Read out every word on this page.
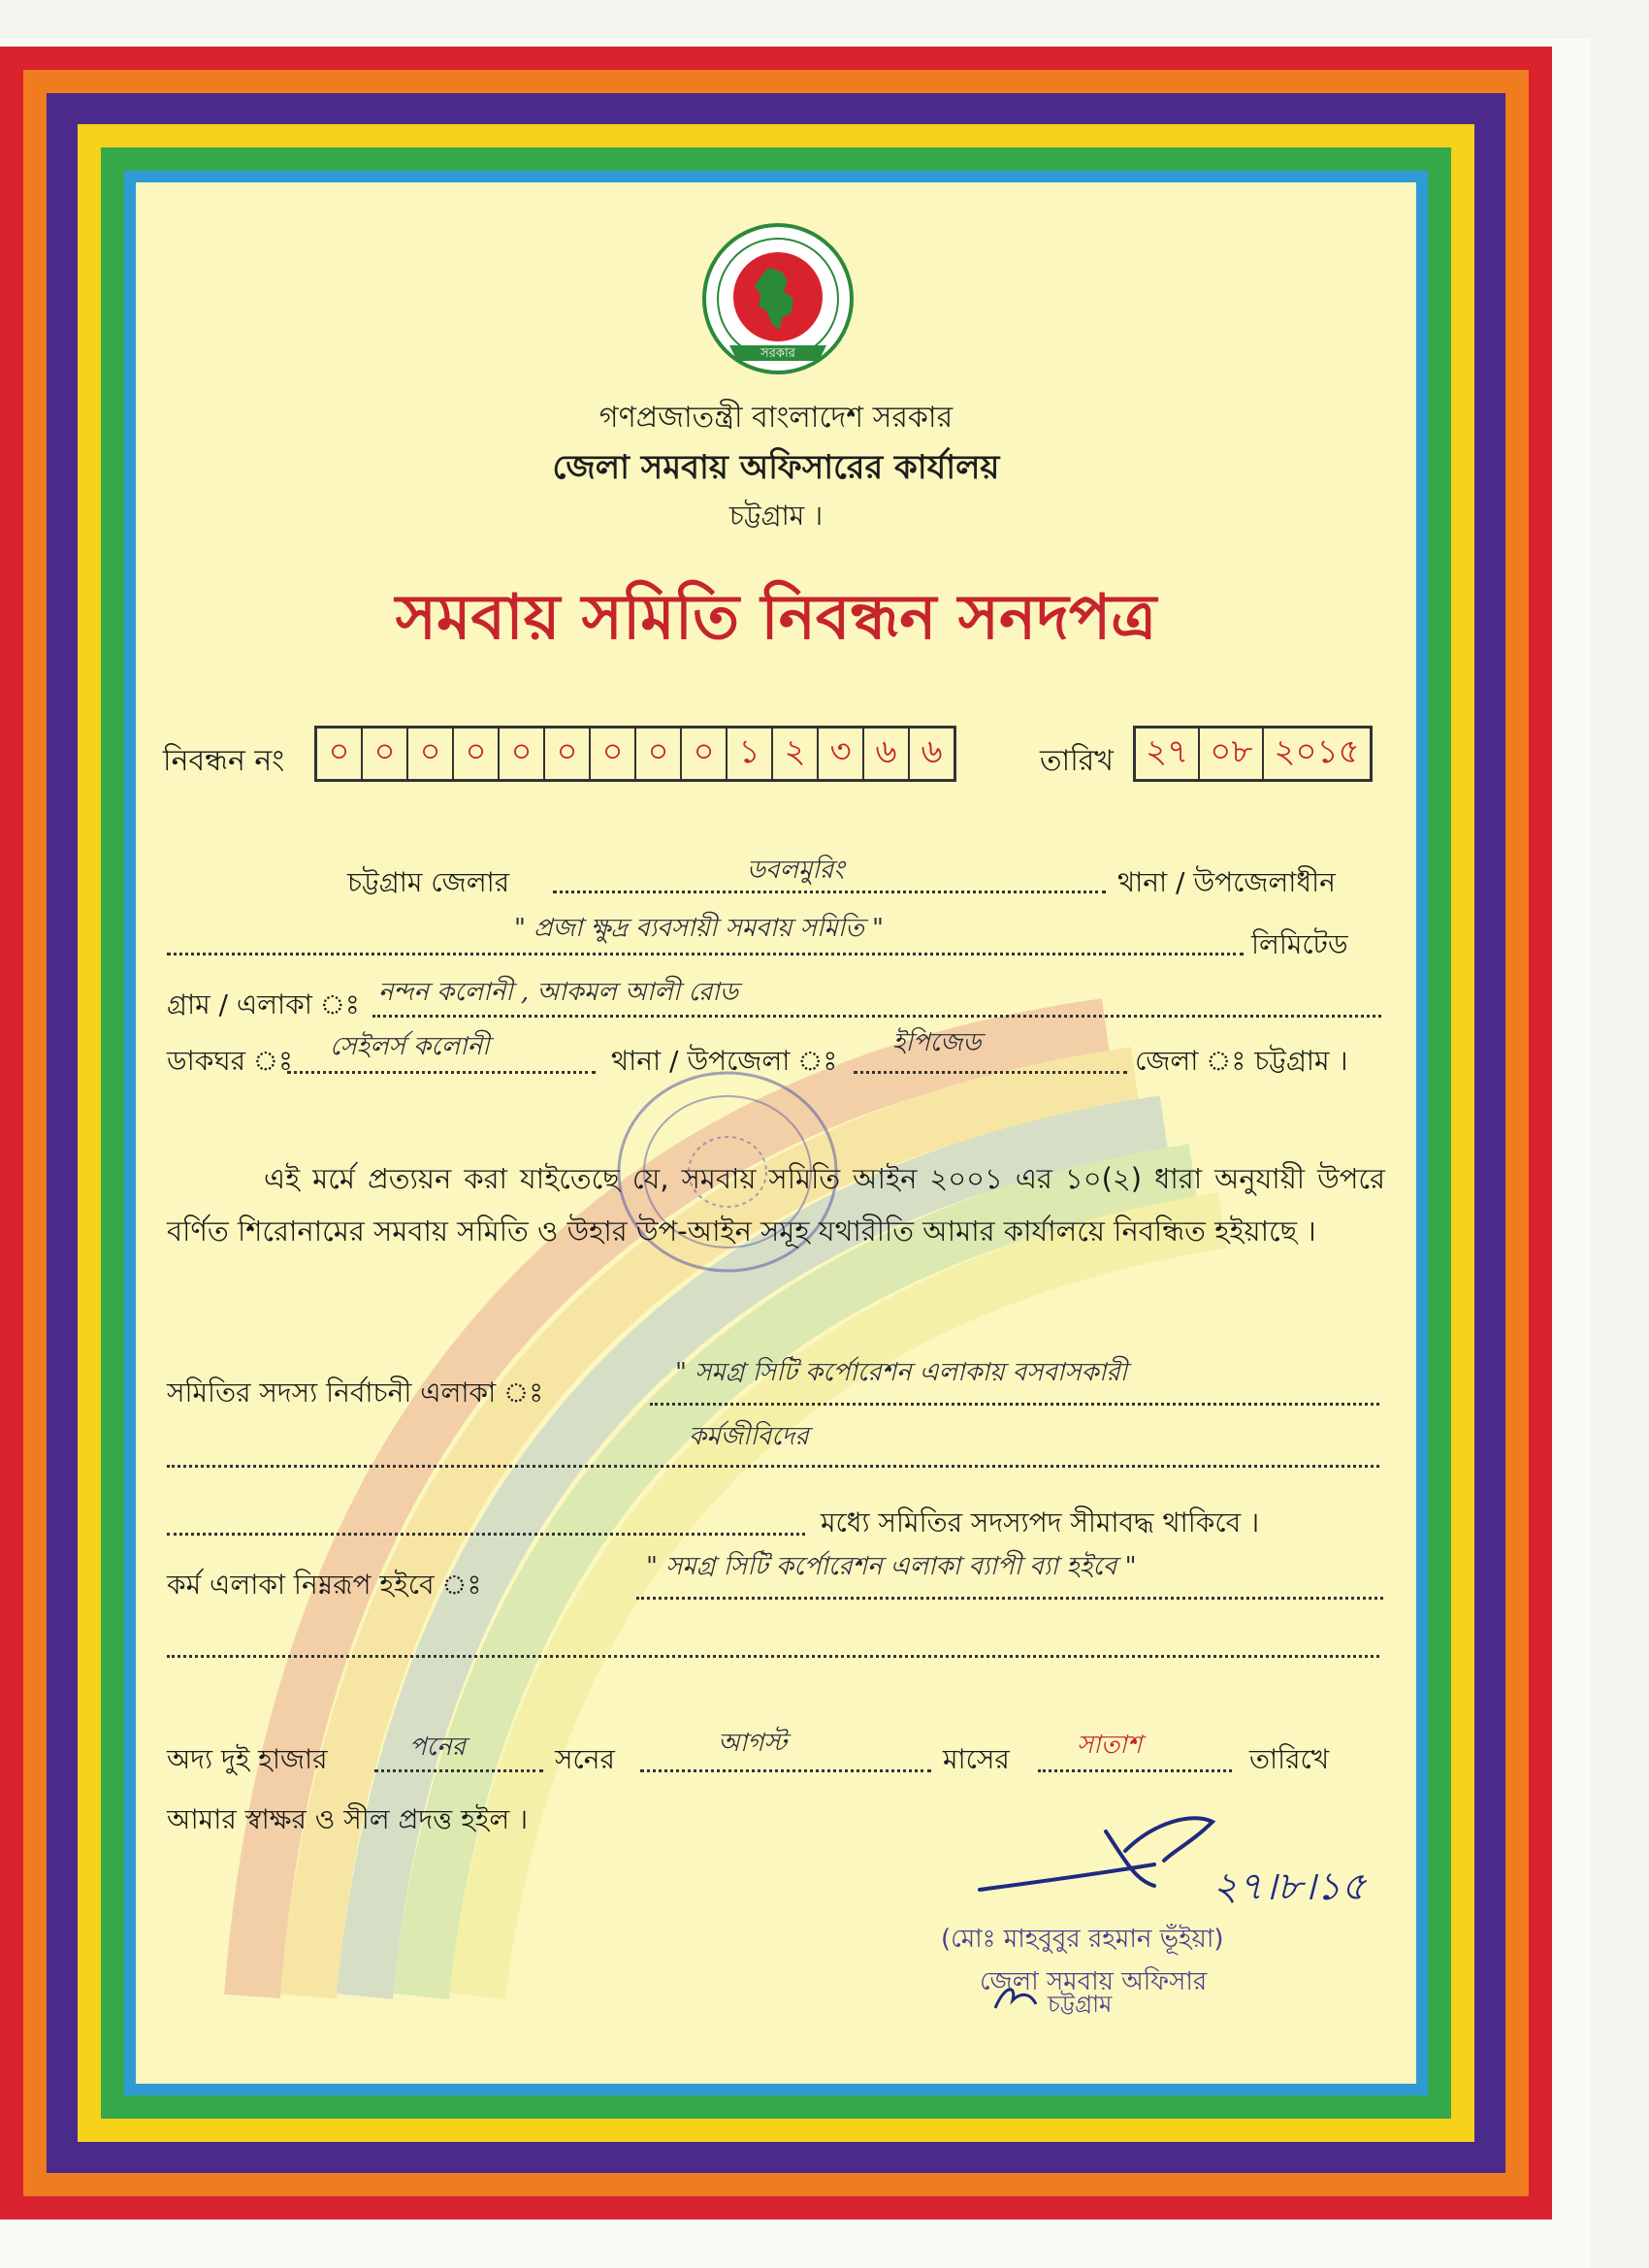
সরকার
গণপ্রজাতন্ত্রী বাংলাদেশ সরকার
জেলা সমবায় অফিসারের কার্যালয়
চট্টগ্রাম ।
সমবায় সমিতি নিবন্ধন সনদপত্র
নিবন্ধন নং	০ ০ ০ ০ ০ ০ ০ ০ ০ ১ ২ ৩ ৬ ৬	তারিখ ২৭ ০৮ ২০১৫
চট্টগ্রাম জেলার	ডবলমুরিং	থানা / উপজেলাধীন
" প্রজা ক্ষুদ্র ব্যবসায়ী সমবায় সমিতি "	লিমিটেড
গ্রাম / এলাকা ঃ নন্দন কলোনী , আকমল আলী রোড
ডাকঘর ঃ সেইলর্স কলোনী	থানা / উপজেলা ঃ
ইপিজেড
জেলা ঃ চট্টগ্রাম ।
এই মর্মে প্রত্যয়ন করা যাইতেছে যে, সমবায় সমিতি আইন ২০০১ এর ১০(২) ধারা অনুযায়ী উপরে বর্ণিত শিরোনামের সমবায় সমিতি ও উহার উপ-আইন সমূহ যথারীতি আমার কার্যালয়ে নিবন্ধিত হইয়াছে ।
সমিতির সদস্য নির্বাচনী এলাকা ঃ
" সমগ্র সিটি কর্পোরেশন এলাকায় বসবাসকারী
কর্মজীবিদের
মধ্যে সমিতির সদস্যপদ সীমাবদ্ধ থাকিবে ।
কর্ম এলাকা নিম্নরূপ হইবে ঃ
" সমগ্র সিটি কর্পোরেশন এলাকা ব্যাপী ব্যা হইবে "
অদ্য দুই হাজার	পনের	সনের	আগস্ট	মাসের	সাতাশ	তারিখে
আমার স্বাক্ষর ও সীল প্রদত্ত হইল ।
২৭।৮।১৫
(মোঃ মাহবুবুর রহমান ভূঁইয়া)
জেলা সমবায় অফিসার
চট্টগ্রাম
